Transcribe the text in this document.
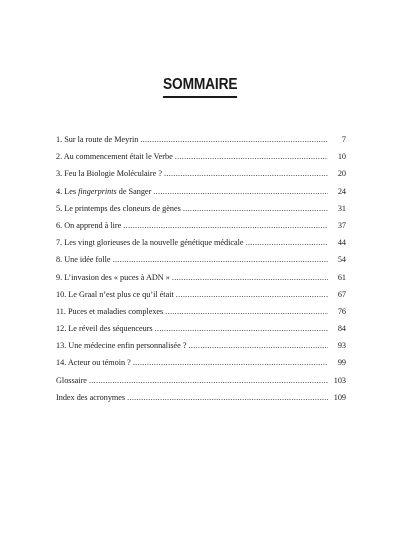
SOMMAIRE
1. Sur la route de Meyrin .....	7
2. Au commencement était le Verbe .....	10
3. Feu la Biologie Moléculaire ? .....	20
4. Les fingerprints de Sanger .....	24
5. Le printemps des cloneurs de gènes .....	31
6. On apprend à lire .....	37
7. Les vingt glorieuses de la nouvelle génétique médicale .....	44
8. Une idée folle .....	54
9. L’invasion des « puces à ADN » .....	61
10. Le Graal n’est plus ce qu’il était .....	67
11. Puces et maladies complexes .....	76
12. Le réveil des séquenceurs .....	84
13. Une médecine enfin personnalisée ? .....	93
14. Acteur ou témoin ? .....	99
Glossaire .....	103
Index des acronymes .....	109
